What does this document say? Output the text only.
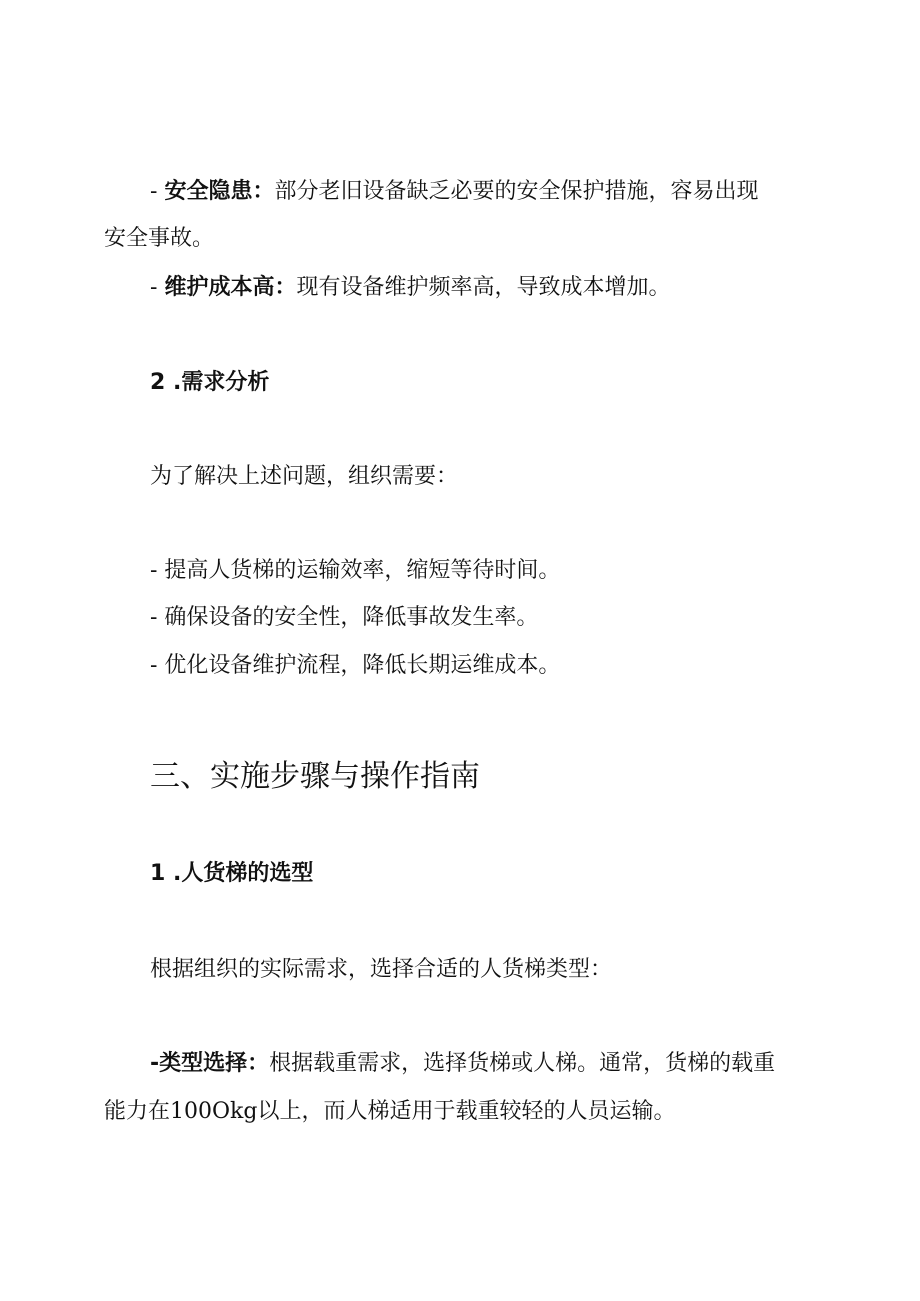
- 安全隐患：部分老旧设备缺乏必要的安全保护措施，容易出现
安全事故。
- 维护成本高：现有设备维护频率高，导致成本增加。
2 .需求分析
为了解决上述问题，组织需要：
- 提高人货梯的运输效率，缩短等待时间。
- 确保设备的安全性，降低事故发生率。
- 优化设备维护流程，降低长期运维成本。
三、实施步骤与操作指南
1 .人货梯的选型
根据组织的实际需求，选择合适的人货梯类型：
-类型选择：根据载重需求，选择货梯或人梯。通常，货梯的载重
能力在100Okg以上，而人梯适用于载重较轻的人员运输。
